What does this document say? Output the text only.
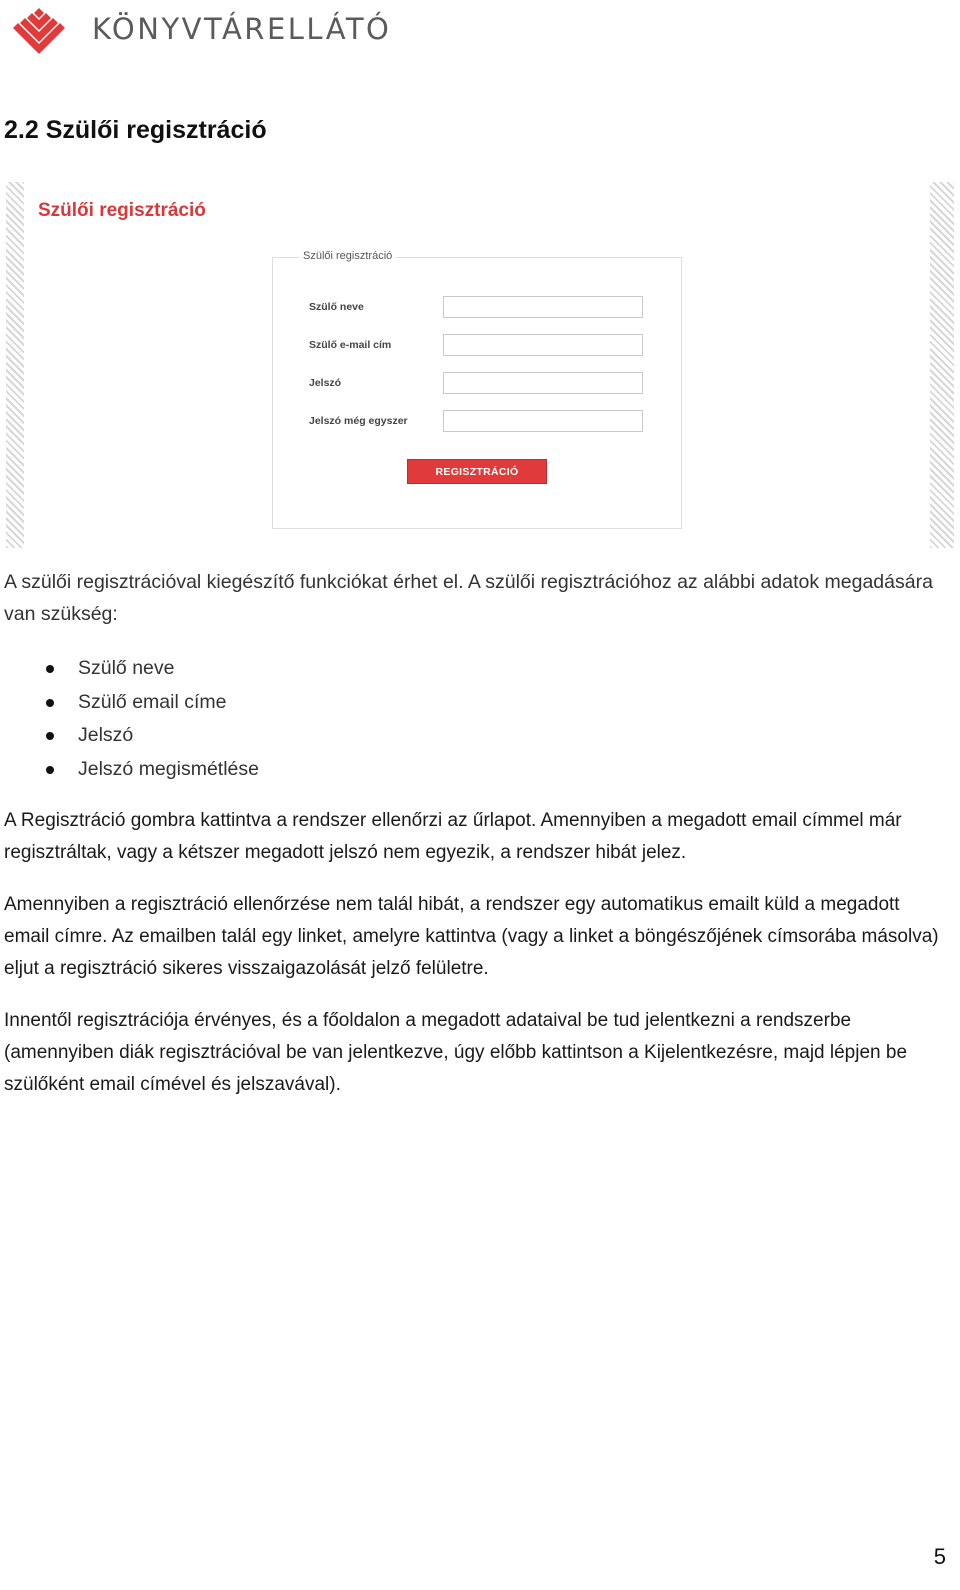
KÖNYVTÁRELLÁTÓ
2.2 Szülői regisztráció
Szülői regisztráció
Szülői regisztráció
Szülő neve
Szülő e-mail cím
Jelszó
Jelszó még egyszer
REGISZTRÁCIÓ
A szülői regisztrációval kiegészítő funkciókat érhet el. A szülői regisztrációhoz az alábbi adatok megadására van szükség:
Szülő neve
Szülő email címe
Jelszó
Jelszó megismétlése
A Regisztráció gombra kattintva a rendszer ellenőrzi az űrlapot. Amennyiben a megadott email címmel már regisztráltak, vagy a kétszer megadott jelszó nem egyezik, a rendszer hibát jelez.
Amennyiben a regisztráció ellenőrzése nem talál hibát, a rendszer egy automatikus emailt küld a megadott email címre. Az emailben talál egy linket, amelyre kattintva (vagy a linket a böngészőjének címsorába másolva) eljut a regisztráció sikeres visszaigazolását jelző felületre.
Innentől regisztrációja érvényes, és a főoldalon a megadott adataival be tud jelentkezni a rendszerbe (amennyiben diák regisztrációval be van jelentkezve, úgy előbb kattintson a Kijelentkezésre, majd lépjen be szülőként email címével és jelszavával).
5
